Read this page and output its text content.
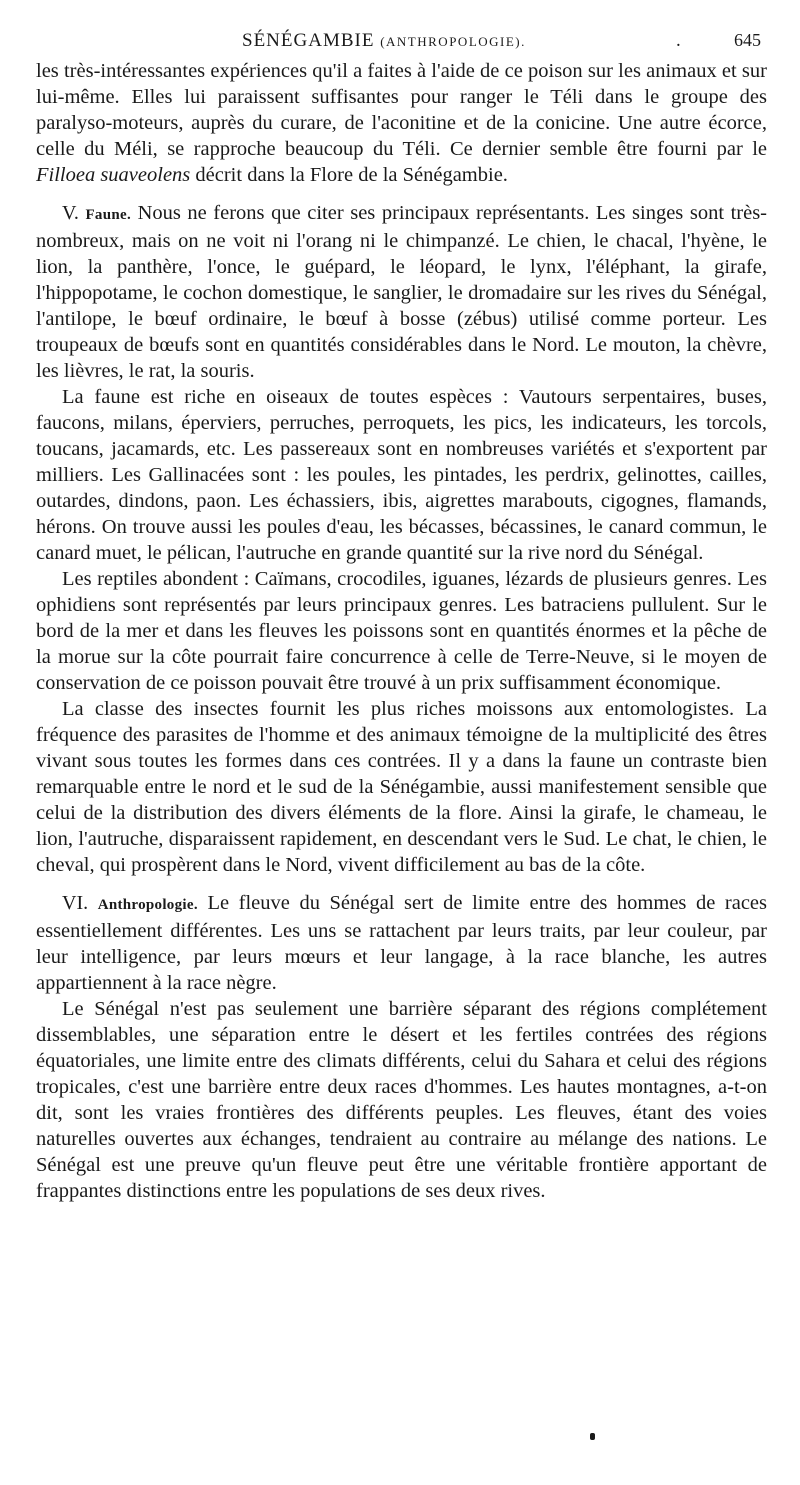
SÉNÉGAMBIE (ANTHROPOLOGIE).	.	645

les très-intéressantes expériences qu'il a faites à l'aide de ce poison sur les animaux et sur lui-même. Elles lui paraissent suffisantes pour ranger le Téli dans le groupe des paralyso-moteurs, auprès du curare, de l'aconitine et de la conicine. Une autre écorce, celle du Méli, se rapproche beaucoup du Téli. Ce dernier semble être fourni par le Filloea suaveolens décrit dans la Flore de la Sénégambie.

V. Faune. Nous ne ferons que citer ses principaux représentants. Les singes sont très-nombreux, mais on ne voit ni l'orang ni le chimpanzé. Le chien, le chacal, l'hyène, le lion, la panthère, l'once, le guépard, le léopard, le lynx, l'éléphant, la girafe, l'hippopotame, le cochon domestique, le sanglier, le dromadaire sur les rives du Sénégal, l'antilope, le bœuf ordinaire, le bœuf à bosse (zébus) utilisé comme porteur. Les troupeaux de bœufs sont en quantités considérables dans le Nord. Le mouton, la chèvre, les lièvres, le rat, la souris.

La faune est riche en oiseaux de toutes espèces : Vautours serpentaires, buses, faucons, milans, éperviers, perruches, perroquets, les pics, les indicateurs, les torcols, toucans, jacamards, etc. Les passereaux sont en nombreuses variétés et s'exportent par milliers. Les Gallinacées sont : les poules, les pintades, les perdrix, gelinottes, cailles, outardes, dindons, paon. Les échassiers, ibis, aigrettes marabouts, cigognes, flamands, hérons. On trouve aussi les poules d'eau, les bécasses, bécassines, le canard commun, le canard muet, le pélican, l'autruche en grande quantité sur la rive nord du Sénégal.

Les reptiles abondent : Caïmans, crocodiles, iguanes, lézards de plusieurs genres. Les ophidiens sont représentés par leurs principaux genres. Les batraciens pullulent. Sur le bord de la mer et dans les fleuves les poissons sont en quantités énormes et la pêche de la morue sur la côte pourrait faire concurrence à celle de Terre-Neuve, si le moyen de conservation de ce poisson pouvait être trouvé à un prix suffisamment économique.

La classe des insectes fournit les plus riches moissons aux entomologistes. La fréquence des parasites de l'homme et des animaux témoigne de la multiplicité des êtres vivant sous toutes les formes dans ces contrées. Il y a dans la faune un contraste bien remarquable entre le nord et le sud de la Sénégambie, aussi manifestement sensible que celui de la distribution des divers éléments de la flore. Ainsi la girafe, le chameau, le lion, l'autruche, disparaissent rapidement, en descendant vers le Sud. Le chat, le chien, le cheval, qui prospèrent dans le Nord, vivent difficilement au bas de la côte.

VI. Anthropologie. Le fleuve du Sénégal sert de limite entre des hommes de races essentiellement différentes. Les uns se rattachent par leurs traits, par leur couleur, par leur intelligence, par leurs mœurs et leur langage, à la race blanche, les autres appartiennent à la race nègre.

Le Sénégal n'est pas seulement une barrière séparant des régions complétement dissemblables, une séparation entre le désert et les fertiles contrées des régions équatoriales, une limite entre des climats différents, celui du Sahara et celui des régions tropicales, c'est une barrière entre deux races d'hommes. Les hautes montagnes, a-t-on dit, sont les vraies frontières des différents peuples. Les fleuves, étant des voies naturelles ouvertes aux échanges, tendraient au contraire au mélange des nations. Le Sénégal est une preuve qu'un fleuve peut être une véritable frontière apportant de frappantes distinctions entre les populations de ses deux rives.
